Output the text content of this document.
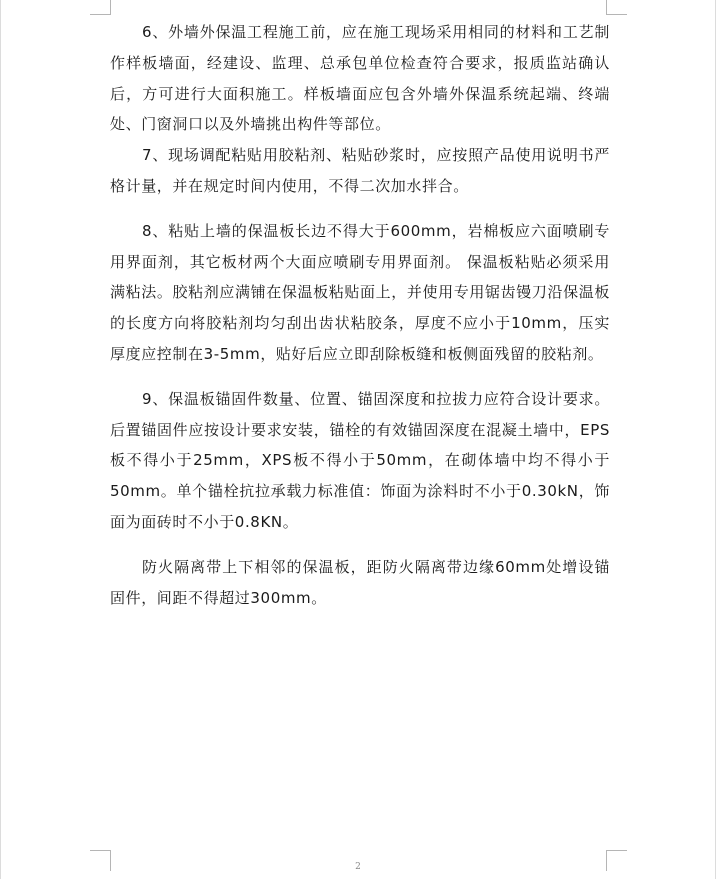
6、外墙外保温工程施工前，应在施工现场采用相同的材料和工艺制作样板墙面，经建设、监理、总承包单位检查符合要求，报质监站确认后，方可进行大面积施工。样板墙面应包含外墙外保温系统起端、终端处、门窗洞口以及外墙挑出构件等部位。

7、现场调配粘贴用胶粘剂、粘贴砂浆时，应按照产品使用说明书严格计量，并在规定时间内使用，不得二次加水拌合。

8、粘贴上墙的保温板长边不得大于600mm，岩棉板应六面喷刷专用界面剂，其它板材两个大面应喷刷专用界面剂。 保温板粘贴必须采用满粘法。胶粘剂应满铺在保温板粘贴面上，并使用专用锯齿镘刀沿保温板的长度方向将胶粘剂均匀刮出齿状粘胶条，厚度不应小于10mm，压实厚度应控制在3-5mm，贴好后应立即刮除板缝和板侧面残留的胶粘剂。

9、保温板锚固件数量、位置、锚固深度和拉拔力应符合设计要求。后置锚固件应按设计要求安装，锚栓的有效锚固深度在混凝土墙中，EPS板不得小于25mm，XPS板不得小于50mm，在砌体墙中均不得小于50mm。单个锚栓抗拉承载力标准值：饰面为涂料时不小于0.30kN，饰面为面砖时不小于0.8KN。

防火隔离带上下相邻的保温板，距防火隔离带边缘60mm处增设锚固件，间距不得超过300mm。

2
